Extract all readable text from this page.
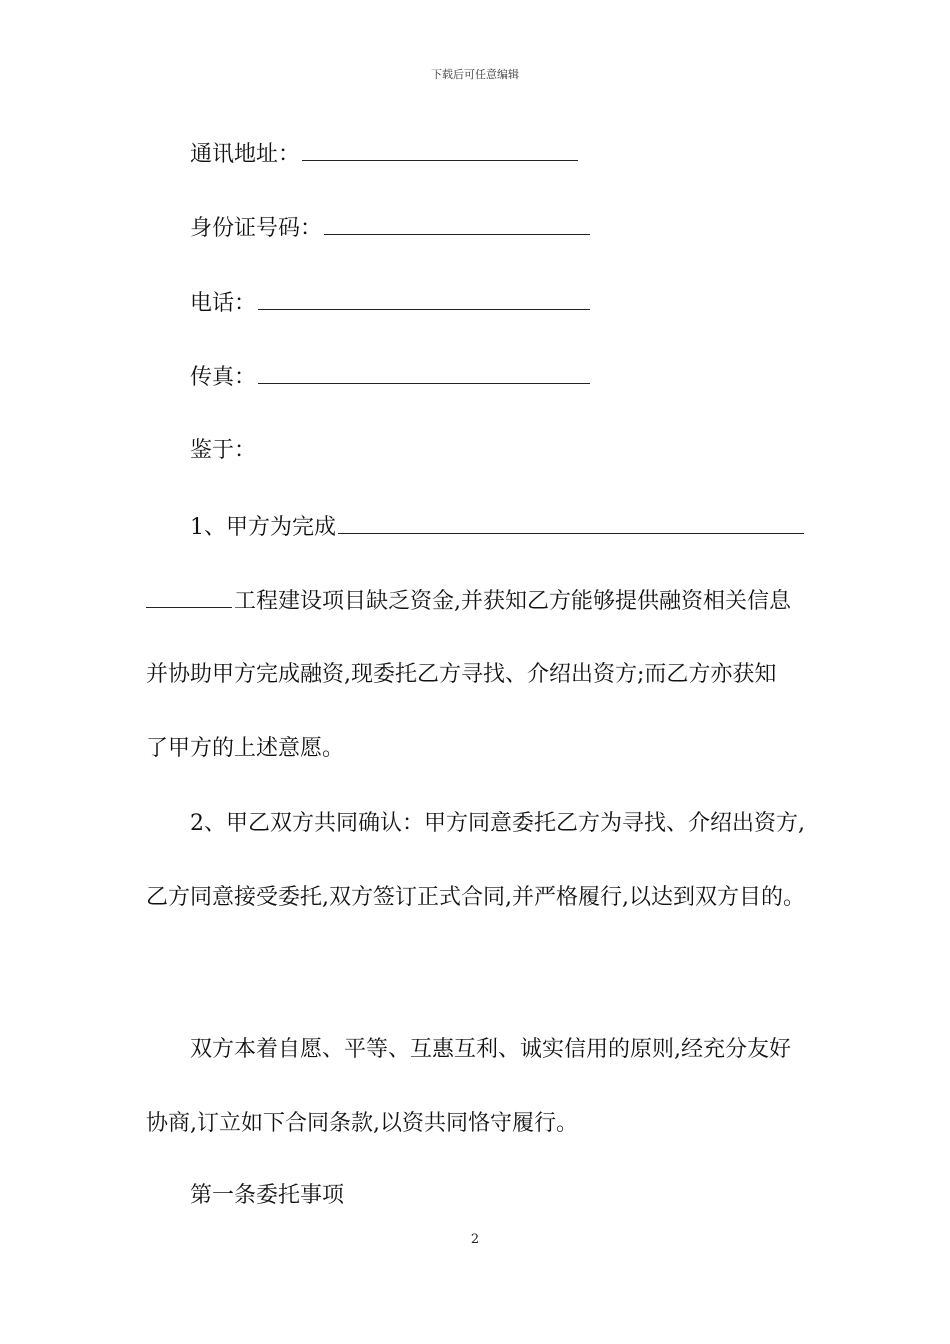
下载后可任意编辑
通讯地址：
身份证号码：
电话：
传真：
鉴于：
1、甲方为完成
工程建设项目缺乏资金,并获知乙方能够提供融资相关信息
并协助甲方完成融资,现委托乙方寻找、介绍出资方;而乙方亦获知
了甲方的上述意愿。
2、甲乙双方共同确认：甲方同意委托乙方为寻找、介绍出资方,
乙方同意接受委托,双方签订正式合同,并严格履行,以达到双方目的。
双方本着自愿、平等、互惠互利、诚实信用的原则,经充分友好
协商,订立如下合同条款,以资共同恪守履行。
第一条委托事项
2
